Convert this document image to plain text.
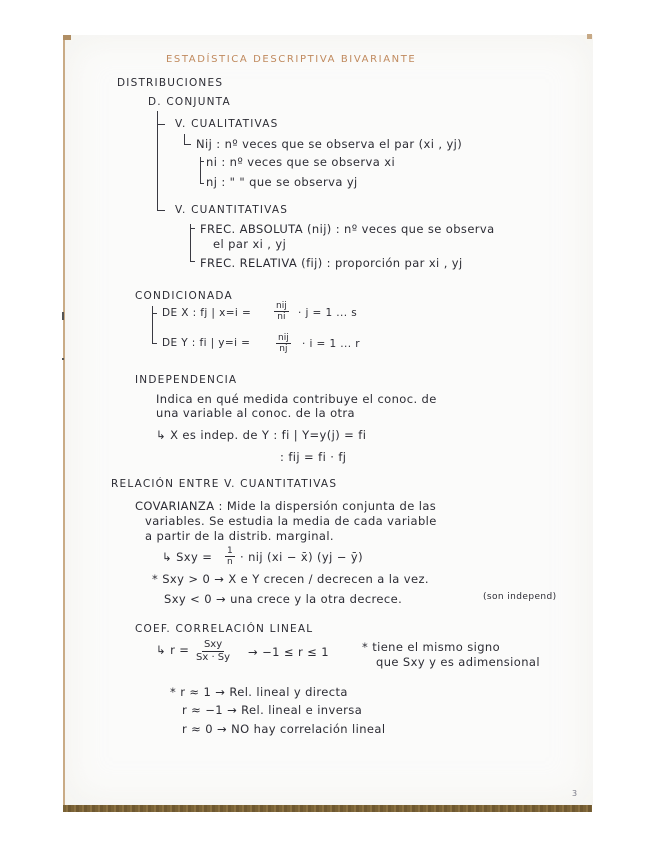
ESTADÍSTICA DESCRIPTIVA BIVARIANTE
DISTRIBUCIONES
D. CONJUNTA
V. CUALITATIVAS
Nij : nº veces que se observa el par (xi , yj)
ni : nº veces que se observa xi
nj : " " que se observa yj
V. CUANTITATIVAS
FREC. ABSOLUTA (nij) : nº veces que se observa
el par xi , yj
FREC. RELATIVA (fij) : proporción par xi , yj
CONDICIONADA
DE X : fj | x=i =
nij
ni · j = 1 ... s
DE Y : fi | y=i =	nij
nj · i = 1 ... r
INDEPENDENCIA
Indica en qué medida contribuye el conoc. de
una variable al conoc. de la otra
↳ X es indep. de Y : fi | Y=y(j) = fi
: fij = fi · fj
RELACIÓN ENTRE V. CUANTITATIVAS
COVARIANZA : Mide la dispersión conjunta de las
variables. Se estudia la media de cada variable
a partir de la distrib. marginal.
↳ Sxy = $\frac{1}{n}$ · nij (xi − x̄) (yj − ȳ)
* Sxy > 0 → X e Y crecen / decrecen a la vez.
Sxy < 0 → una crece y la otra decrece.	(son independ)
COEF. CORRELACIÓN LINEAL
↳ r = Sxy
Sx · Sy → −1 ≤ r ≤ 1	* tiene el mismo signo
que Sxy y es adimensional
* r ≈ 1 → Rel. lineal y directa
r ≈ −1 → Rel. lineal e inversa
r ≈ 0 → NO hay correlación lineal
3
